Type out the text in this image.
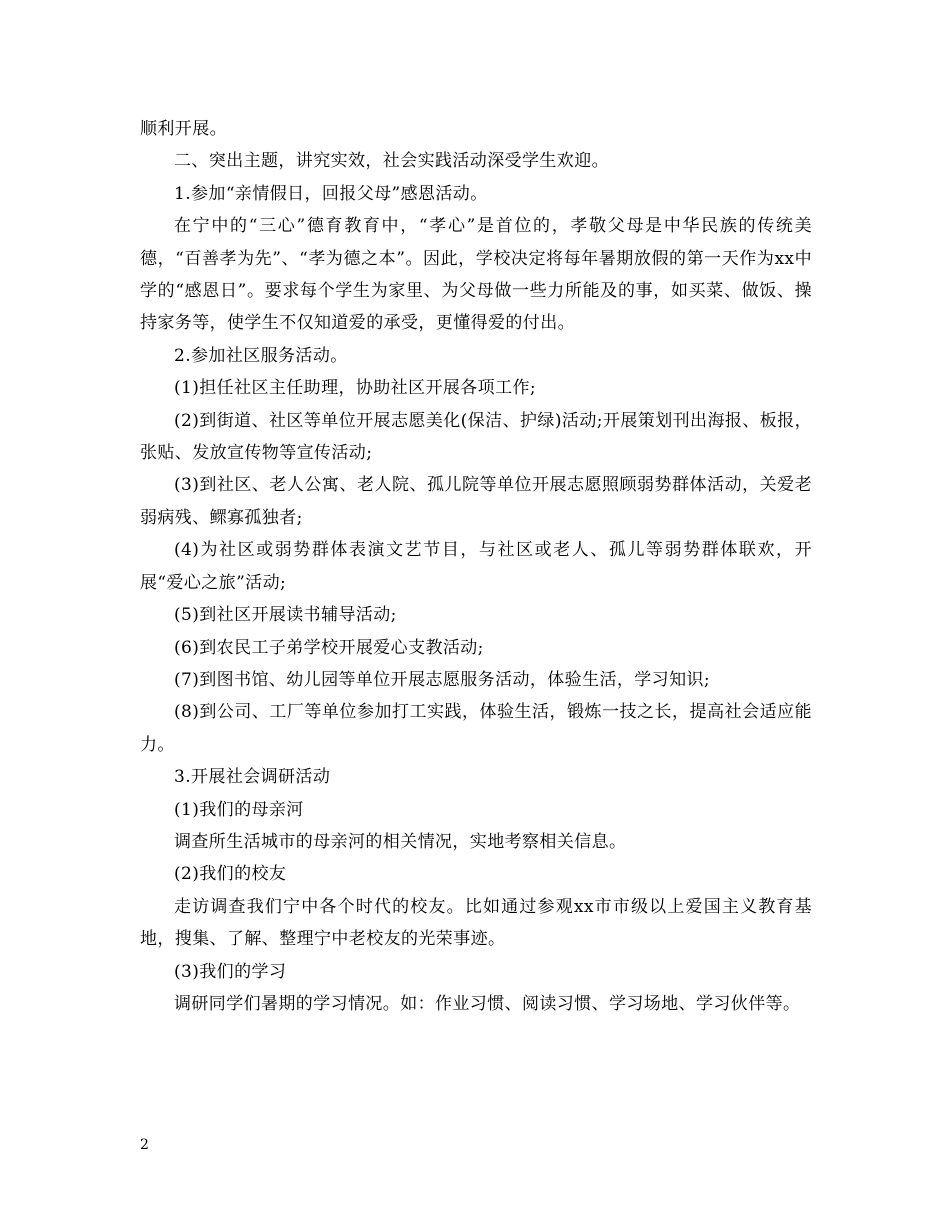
顺利开展。

二、突出主题，讲究实效，社会实践活动深受学生欢迎。

1.参加“亲情假日，回报父母”感恩活动。

在宁中的“三心”德育教育中，“孝心”是首位的，孝敬父母是中华民族的传统美德，“百善孝为先”、“孝为德之本”。因此，学校决定将每年暑期放假的第一天作为xx中学的“感恩日”。要求每个学生为家里、为父母做一些力所能及的事，如买菜、做饭、操持家务等，使学生不仅知道爱的承受，更懂得爱的付出。

2.参加社区服务活动。

(1)担任社区主任助理，协助社区开展各项工作;

(2)到街道、社区等单位开展志愿美化(保洁、护绿)活动;开展策划刊出海报、板报，张贴、发放宣传物等宣传活动;

(3)到社区、老人公寓、老人院、孤儿院等单位开展志愿照顾弱势群体活动，关爱老弱病残、鳏寡孤独者;

(4)为社区或弱势群体表演文艺节目，与社区或老人、孤儿等弱势群体联欢，开展“爱心之旅”活动;

(5)到社区开展读书辅导活动;

(6)到农民工子弟学校开展爱心支教活动;

(7)到图书馆、幼儿园等单位开展志愿服务活动，体验生活，学习知识;

(8)到公司、工厂等单位参加打工实践，体验生活，锻炼一技之长，提高社会适应能力。

3.开展社会调研活动

(1)我们的母亲河

调查所生活城市的母亲河的相关情况，实地考察相关信息。

(2)我们的校友

走访调查我们宁中各个时代的校友。比如通过参观xx市市级以上爱国主义教育基地，搜集、了解、整理宁中老校友的光荣事迹。

(3)我们的学习

调研同学们暑期的学习情况。如：作业习惯、阅读习惯、学习场地、学习伙伴等。

2
